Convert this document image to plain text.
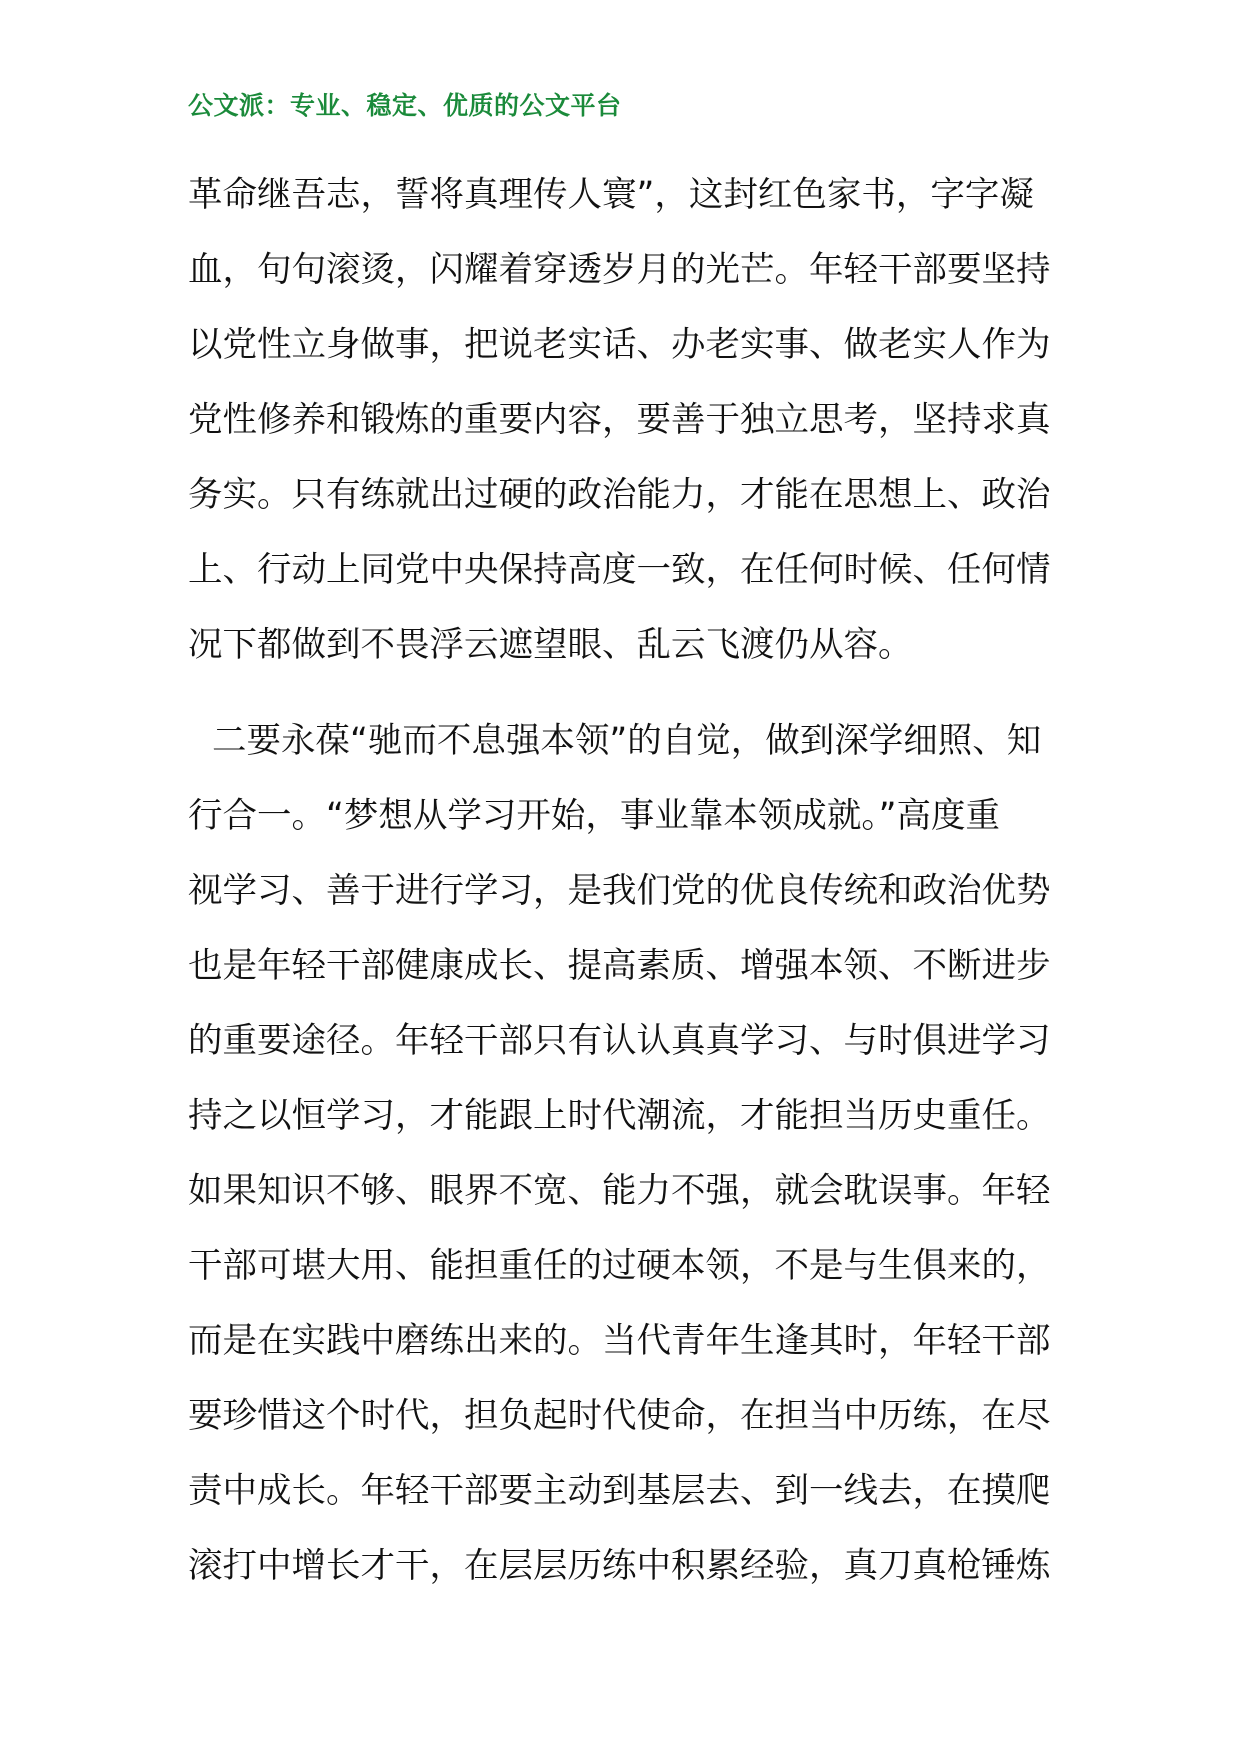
公文派：专业、稳定、优质的公文平台
革命继吾志，誓将真理传人寰”，这封红色家书，字字凝
血，句句滚烫，闪耀着穿透岁月的光芒。年轻干部要坚持
以党性立身做事，把说老实话、办老实事、做老实人作为
党性修养和锻炼的重要内容，要善于独立思考，坚持求真
务实。只有练就出过硬的政治能力，才能在思想上、政治
上、行动上同党中央保持高度一致，在任何时候、任何情
况下都做到不畏浮云遮望眼、乱云飞渡仍从容。
二要永葆“驰而不息强本领”的自觉，做到深学细照、知
行合一。“梦想从学习开始，事业靠本领成就。”高度重
视学习、善于进行学习，是我们党的优良传统和政治优势
也是年轻干部健康成长、提高素质、增强本领、不断进步
的重要途径。年轻干部只有认认真真学习、与时俱进学习
持之以恒学习，才能跟上时代潮流，才能担当历史重任。
如果知识不够、眼界不宽、能力不强，就会耽误事。年轻
干部可堪大用、能担重任的过硬本领，不是与生俱来的，
而是在实践中磨练出来的。当代青年生逢其时，年轻干部
要珍惜这个时代，担负起时代使命，在担当中历练，在尽
责中成长。年轻干部要主动到基层去、到一线去，在摸爬
滚打中增长才干，在层层历练中积累经验，真刀真枪锤炼
